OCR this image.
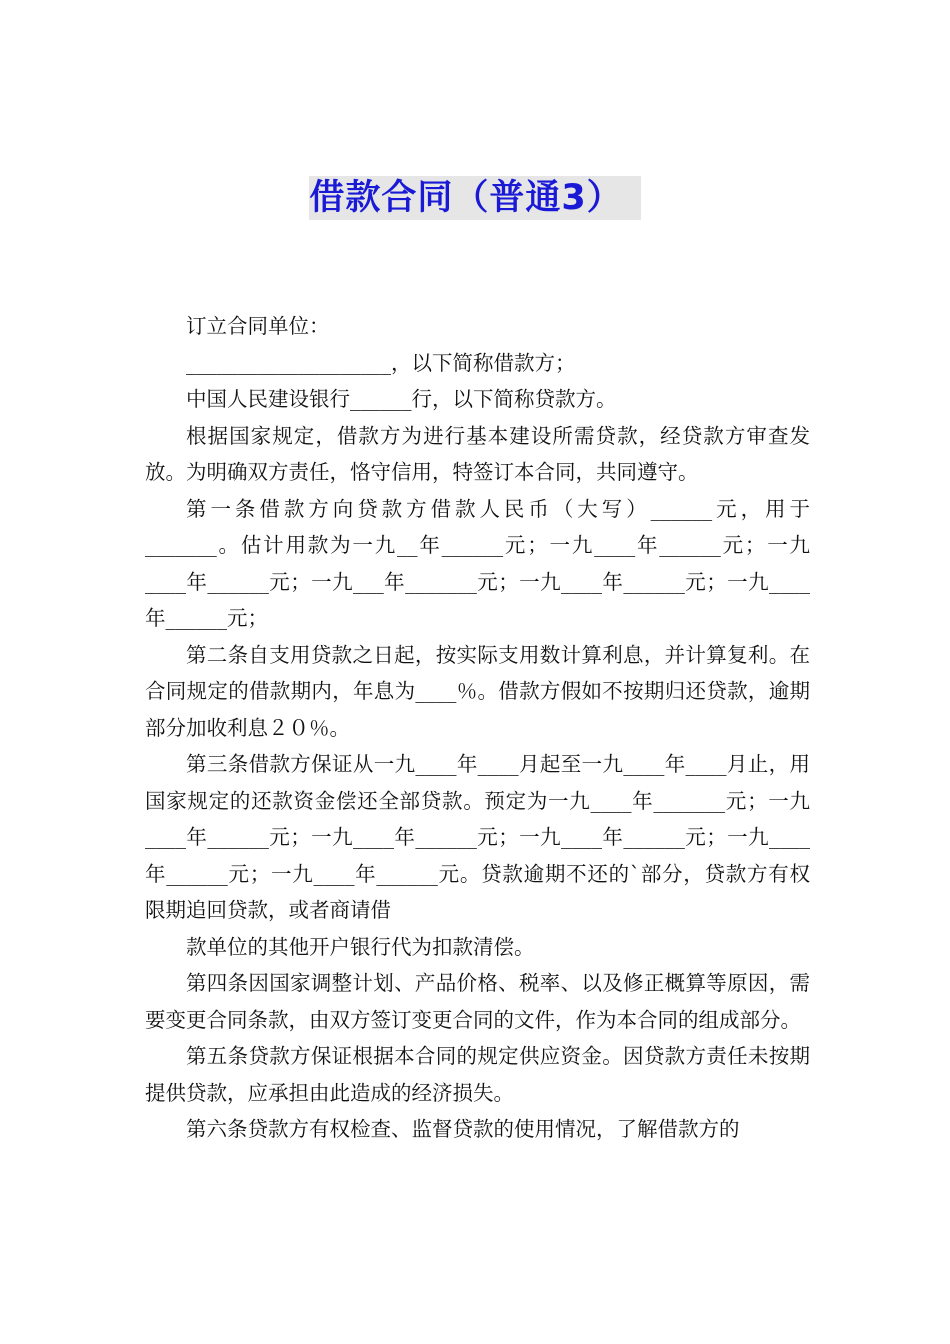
借款合同（普通3）

订立合同单位：

____________________，以下简称借款方；

中国人民建设银行______行，以下简称贷款方。

根据国家规定，借款方为进行基本建设所需贷款，经贷款方审查发放。为明确双方责任，恪守信用，特签订本合同，共同遵守。

第一条借款方向贷款方借款人民币（大写）______元，用于_______。估计用款为一九__年______元；一九____年______元；一九____年______元；一九___年_______元；一九____年______元；一九____年______元；

第二条自支用贷款之日起，按实际支用数计算利息，并计算复利。在合同规定的借款期内，年息为____％。借款方假如不按期归还贷款，逾期部分加收利息２０％。

第三条借款方保证从一九____年____月起至一九____年____月止，用国家规定的还款资金偿还全部贷款。预定为一九____年_______元；一九____年______元；一九____年______元；一九____年______元；一九____年______元；一九____年______元。贷款逾期不还的`部分，贷款方有权限期追回贷款，或者商请借

款单位的其他开户银行代为扣款清偿。

第四条因国家调整计划、产品价格、税率、以及修正概算等原因，需要变更合同条款，由双方签订变更合同的文件，作为本合同的组成部分。

第五条贷款方保证根据本合同的规定供应资金。因贷款方责任未按期提供贷款，应承担由此造成的经济损失。

第六条贷款方有权检查、监督贷款的使用情况，了解借款方的
